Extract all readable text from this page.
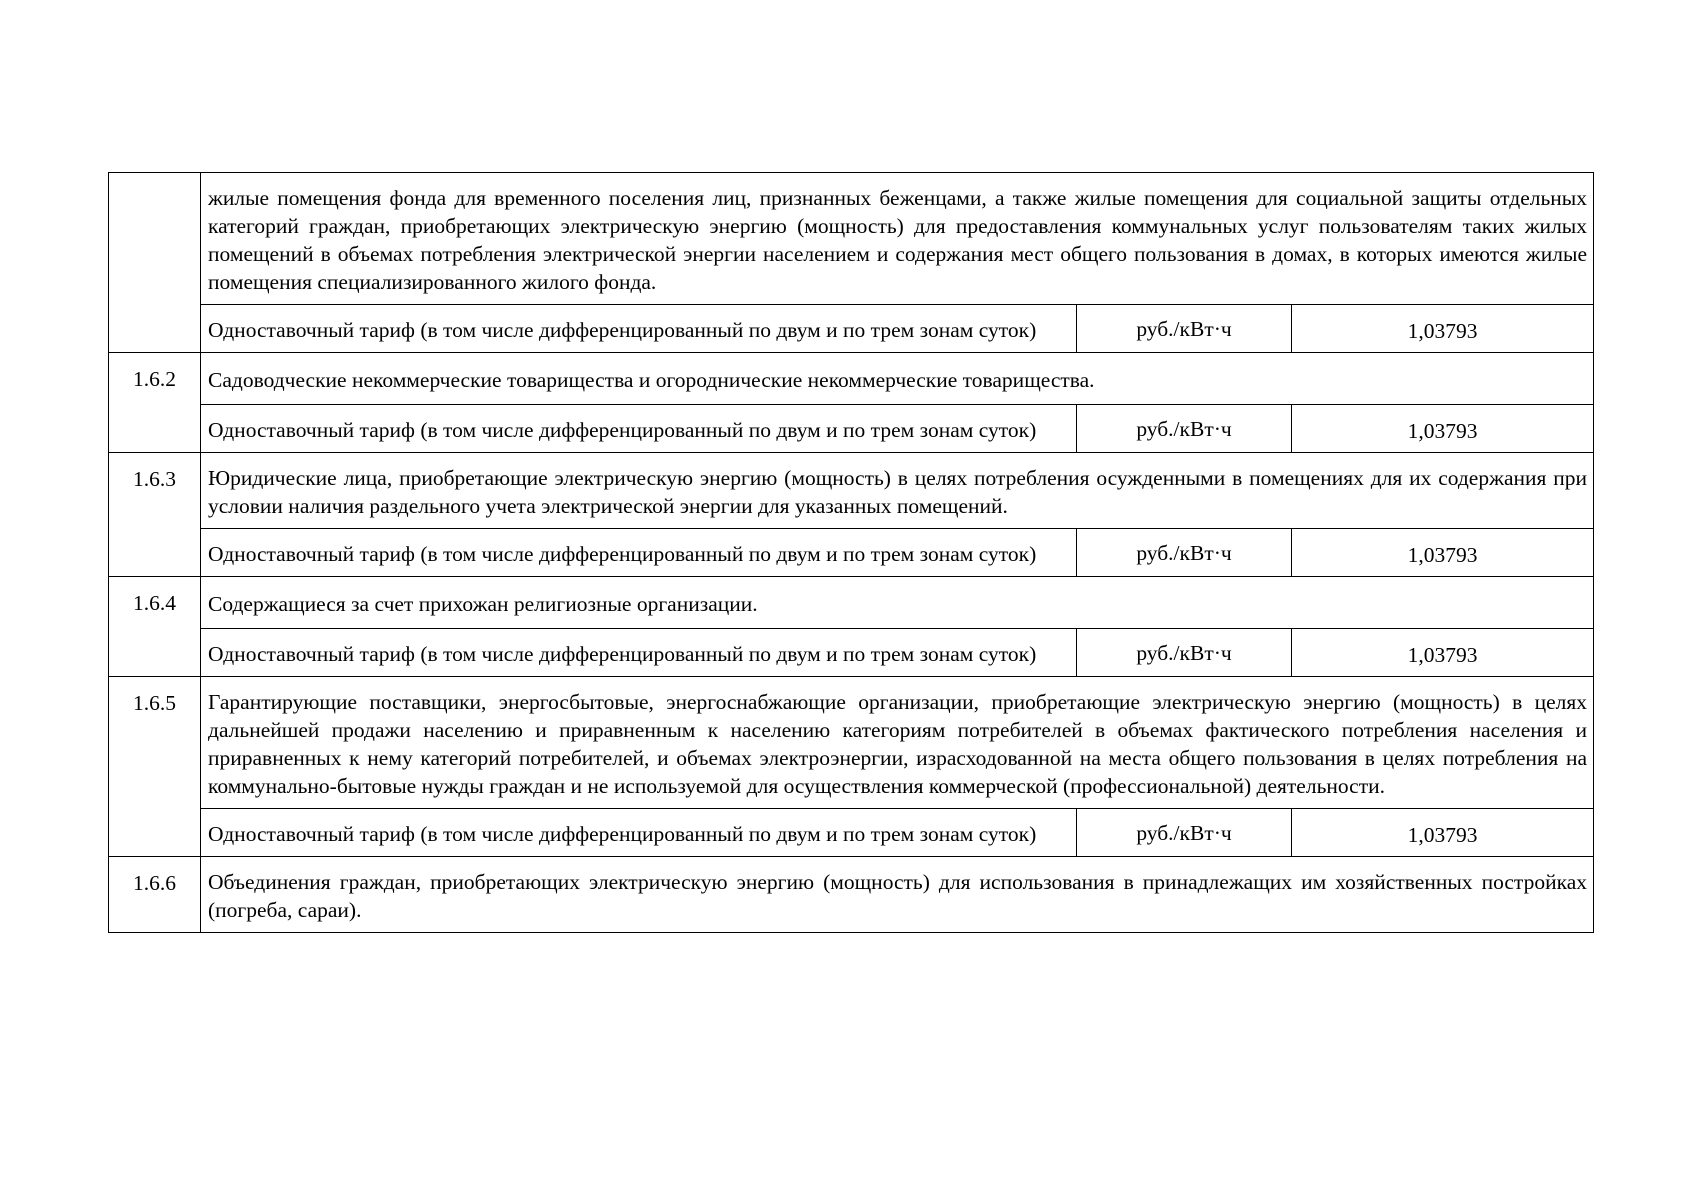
	жилые помещения фонда для временного поселения лиц, признанных беженцами, а также жилые помещения для социальной защиты отдельных категорий граждан, приобретающих электрическую энергию (мощность) для предоставления коммунальных услуг пользователям таких жилых помещений в объемах потребления электрической энергии населением и содержания мест общего пользования в домах, в которых имеются жилые помещения специализированного жилого фонда.		
	Одноставочный тариф (в том числе дифференцированный по двум и по трем зонам суток)	руб./кВт·ч	1,03793
1.6.2	Садоводческие некоммерческие товарищества и огороднические некоммерческие товарищества.		
	Одноставочный тариф (в том числе дифференцированный по двум и по трем зонам суток)	руб./кВт·ч	1,03793
1.6.3	Юридические лица, приобретающие электрическую энергию (мощность) в целях потребления осужденными в помещениях для их содержания при условии наличия раздельного учета электрической энергии для указанных помещений.		
	Одноставочный тариф (в том числе дифференцированный по двум и по трем зонам суток)	руб./кВт·ч	1,03793
1.6.4	Содержащиеся за счет прихожан религиозные организации.		
	Одноставочный тариф (в том числе дифференцированный по двум и по трем зонам суток)	руб./кВт·ч	1,03793
1.6.5	Гарантирующие поставщики, энергосбытовые, энергоснабжающие организации, приобретающие электрическую энергию (мощность) в целях дальнейшей продажи населению и приравненным к населению категориям потребителей в объемах фактического потребления населения и приравненных к нему категорий потребителей, и объемах электроэнергии, израсходованной на места общего пользования в целях потребления на коммунально-бытовые нужды граждан и не используемой для осуществления коммерческой (профессиональной) деятельности.		
	Одноставочный тариф (в том числе дифференцированный по двум и по трем зонам суток)	руб./кВт·ч	1,03793
1.6.6	Объединения граждан, приобретающих электрическую энергию (мощность) для использования в принадлежащих им хозяйственных постройках (погреба, сараи).		
